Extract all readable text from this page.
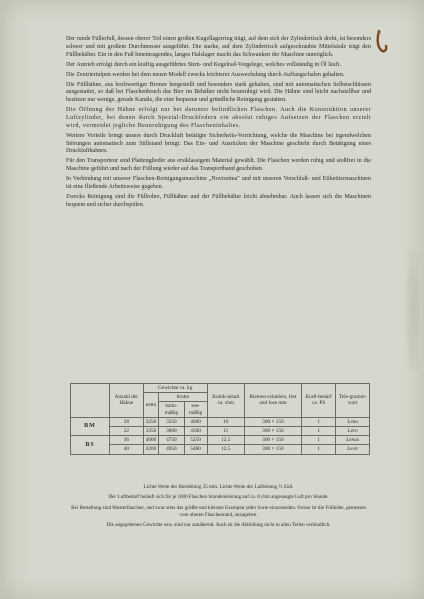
Der runde Füllerfuß, dessen oberer Teil einen großen Kugellagerring trägt, auf dem sich der Zylindertisch dreht, ist besonders schwer und mit großem Durchmesser ausgeführt. Die starke, auf dem Zylindertisch aufgeschraubte Mittelsäule trägt den Füllbehälter. Ein in den Fuß hineinragendes, langes Halslager macht das Schwanken der Maschine unmöglich.

Der Antrieb erfolgt durch ein kräftig ausgeführtes Stirn- und Kegelrad-Vorgelege, welches vollständig in Öl läuft.

Die Zentriertulpen werden bei dem neuen Modell zwecks leichterer Auswechslung durch Auffangschalen gehalten.

Die Füllhähne, aus hochwertiger Bronze hergestellt und besonders stark gehalten, sind mit automatischen Selbstschlüssen ausgestattet, so daß bei Flaschenbruch das Bier im Behälter nicht beunruhigt wird. Die Hähne sind leicht nachstellbar und besitzen nur wenige, gerade Kanäle, die eine bequeme und gründliche Reinigung gestatten.

Die Öffnung der Hähne erfolgt nur bei darunter befindlichen Flaschen. Auch die Konstruktion unserer Luftzylinder, bei denen durch Spezial-Druckfedern ein absolut ruhiges Aufsetzen der Flaschen erzielt wird, vermeidet jegliche Beunruhigung des Flascheninhaltes.

Weitere Vorteile bringt unsere durch Druckluft betätigte Sicherheits-Vorrichtung, welche die Maschine bei irgendwelchen Störungen automatisch zum Stillstand bringt. Das Ein- und Ausrücken der Maschine geschieht durch Betätigung eines Drucklufthahnes.

Für den Transporteur sind Plattenglieder aus erstklassigem Material gewählt. Die Flaschen werden ruhig und stoßfrei in die Maschine geführt und nach der Füllung wieder auf das Transportband geschoben.

In Verbindung mit unserer Flaschen-Reinigungsmaschine „Novissima" und mit unseren Verschluß- und Etikettiermaschinen ist eine fließende Arbeitsweise gegeben.

Zwecks Reinigung sind die Füllrohre, Füllhähne und der Füllbehälter leicht abnehmbar. Auch lassen sich die Maschinen bequem und sicher durchspülen.

	Anzahl der Hähne	Gewichte ca. kg			Kubik-inhalt ca. cbm	Riemen-scheiben, fest und lose mm	Kraft-bedarf ca. PS	Tele-gramm-wort
		netto	brutto					
			bahn-mäßig	see-mäßig				
BM	28	3250	3550	4000	10	300 × 150	1	Lena
	32	3350	3860	4300	11	300 × 150	1	Lero
BS	36	4000	4750	5250	12,5	300 × 150	1	Lenax
	40	4200	4950	5480	12,5	300 × 150	1	Levir

Lichte Weite der Bierleitung 35 mm. Lichte Weite der Luftleitung ½ Zoll.

Der Luftbedarf beläuft sich für je 1000 Flaschen Stundenleistung auf ca. 8 cbm angesaugte Luft pro Stunde.

Bei Bestellung sind Musterflaschen, und zwar stets das größte und kleinste Exemplar jeder Sorte einzusenden. Ferner ist die Füllhöhe, gemessen vom oberen Flaschenrand, anzugeben.

Die angegebenen Gewichte usw. sind nur annähernd. Auch ist die Abbildung nicht in allen Teilen verbindlich.
